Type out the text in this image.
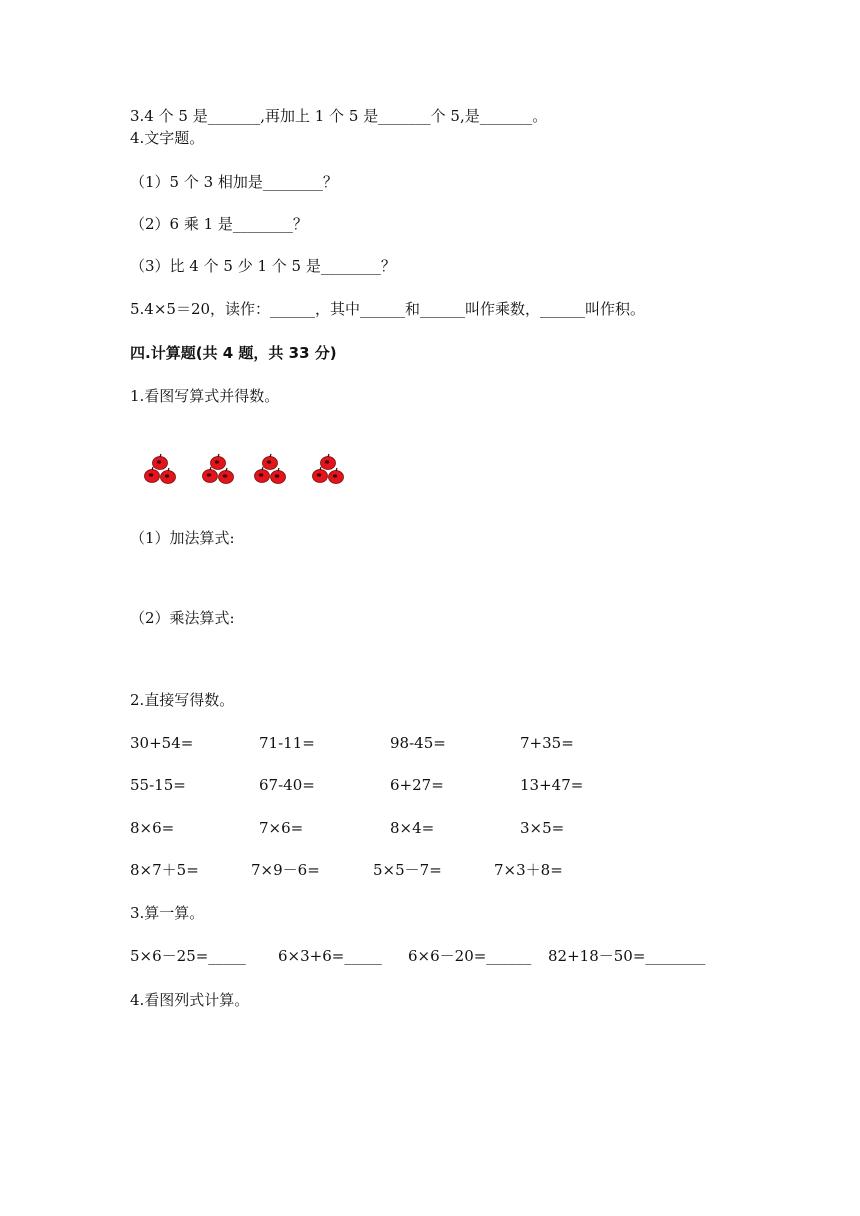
3.4 个 5 是_______,再加上 1 个 5 是_______个 5,是_______。
4.文字题。
（1）5 个 3 相加是________？
（2）6 乘 1 是________？
（3）比 4 个 5 少 1 个 5 是________？
5.4×5＝20，读作：______，其中______和______叫作乘数，______叫作积。
四.计算题(共 4 题，共 33 分)
1.看图写算式并得数。
（1）加法算式:
（2）乘法算式:
2.直接写得数。
30+54=	71-11=	98-45=	7+35=
55-15=	67-40=	6+27=	13+47=
8×6=	7×6=	8×4=	3×5=
8×7＋5=	7×9－6=	5×5－7=	7×3＋8=
3.算一算。
5×6－25=_____ 6×3+6=_____ 6×6－20=______ 82+18－50=________
4.看图列式计算。
